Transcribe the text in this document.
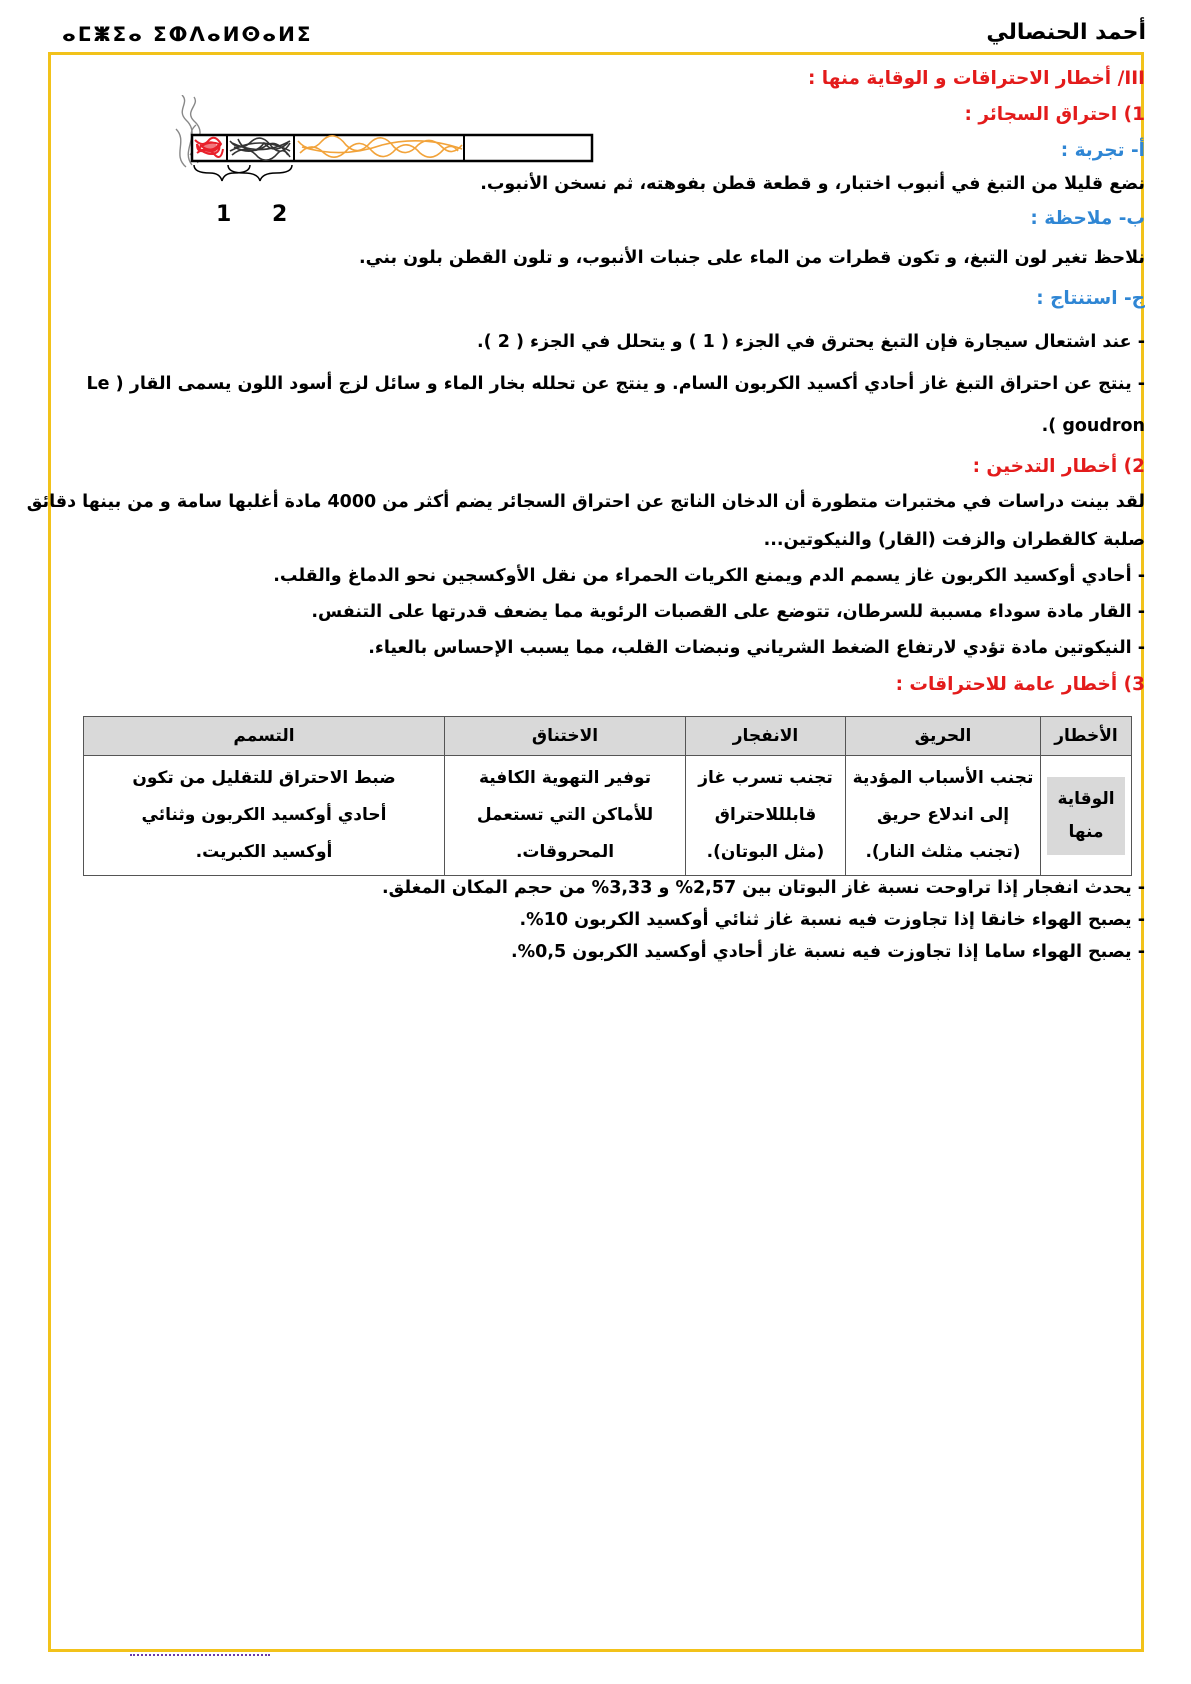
أحمد الحنصالي
ⴰⵎⵥⵉⴰ ⵉⵀⴷⴰⵍⵙⴰⵍⵉ
1 2
III/ أخطار الاحتراقات و الوقاية منها :
1) احتراق السجائر :
أ- تجربة :
نضع قليلا من التبغ في أنبوب اختبار، و قطعة قطن بفوهته، ثم نسخن الأنبوب.
ب- ملاحظة :
نلاحظ تغير لون التبغ، و تكون قطرات من الماء على جنبات الأنبوب، و تلون القطن بلون بني.
ج- استنتاج :
- عند اشتعال سيجارة فإن التبغ يحترق في الجزء ( 1 ) و يتحلل في الجزء ( 2 ).
- ينتج عن احتراق التبغ غاز أحادي أكسيد الكربون السام. و ينتج عن تحلله بخار الماء و سائل لزج أسود اللون يسمى القار ( Le
goudron ).
2) أخطار التدخين :
لقد بينت دراسات في مختبرات متطورة أن الدخان الناتج عن احتراق السجائر يضم أكثر من 4000 مادة أغلبها سامة و من بينها دقائق
صلبة كالقطران والزفت (القار) والنيكوتين...
- أحادي أوكسيد الكربون غاز يسمم الدم ويمنع الكريات الحمراء من نقل الأوكسجين نحو الدماغ والقلب.
- القار مادة سوداء مسببة للسرطان، تتوضع على القصبات الرئوية مما يضعف قدرتها على التنفس.
- النيكوتين مادة تؤدي لارتفاع الضغط الشرياني ونبضات القلب، مما يسبب الإحساس بالعياء.
3) أخطار عامة للاحتراقات :
- يحدث انفجار إذا تراوحت نسبة غاز البوتان بين 2,57% و 3,33% من حجم المكان المغلق.
- يصبح الهواء خانقا إذا تجاوزت فيه نسبة غاز ثنائي أوكسيد الكربون 10%.
- يصبح الهواء ساما إذا تجاوزت فيه نسبة غاز أحادي أوكسيد الكربون 0,5%.
الأخطار	الحريق	الانفجار	الاختناق	التسمم

الوقاية
منها	تجنب الأسباب المؤدية
إلى اندلاع حريق
(تجنب مثلث النار).	تجنب تسرب غاز
قابلللاحتراق
(مثل البوتان).	توفير التهوية الكافية
للأماكن التي تستعمل
المحروقات.	ضبط الاحتراق للتقليل من تكون
أحادي أوكسيد الكربون وثنائي
أوكسيد الكبريت.
